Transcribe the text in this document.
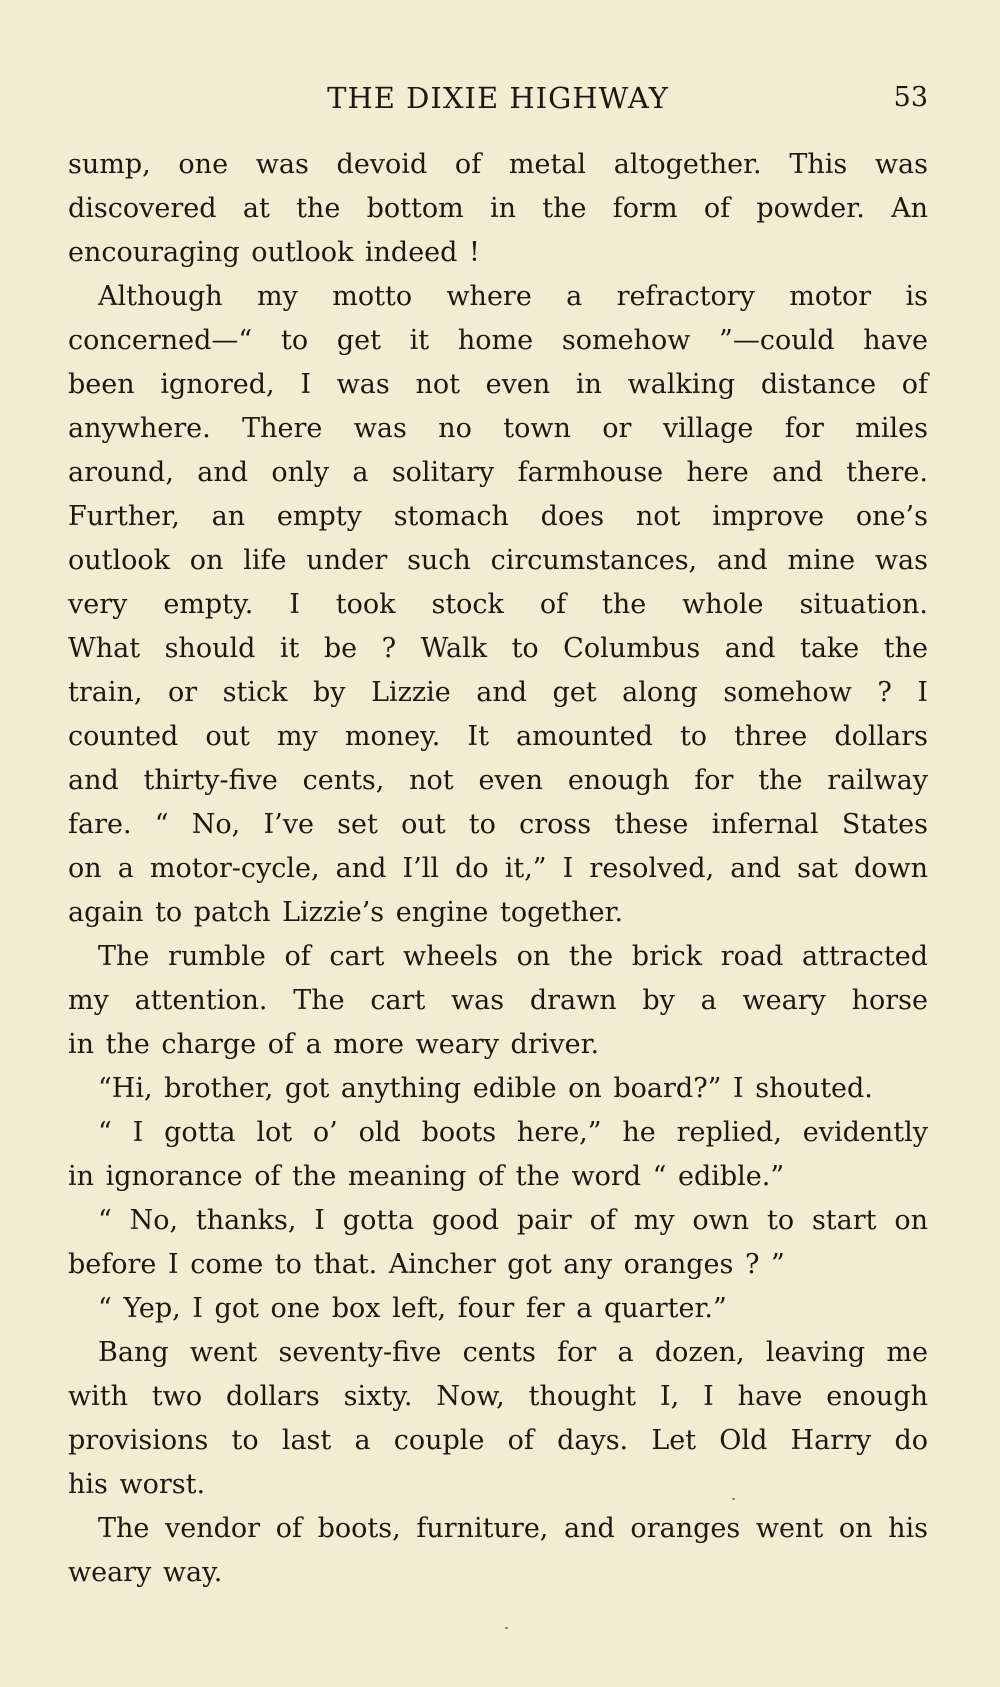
THE DIXIE HIGHWAY	53
sump, one was devoid of metal altogether. This was
discovered at the bottom in the form of powder. An
encouraging outlook indeed !
Although my motto where a refractory motor is
concerned—“ to get it home somehow ”—could have
been ignored, I was not even in walking distance of
anywhere. There was no town or village for miles
around, and only a solitary farmhouse here and there.
Further, an empty stomach does not improve one’s
outlook on life under such circumstances, and mine was
very empty. I took stock of the whole situation.
What should it be ? Walk to Columbus and take the
train, or stick by Lizzie and get along somehow ? I
counted out my money. It amounted to three dollars
and thirty-five cents, not even enough for the railway
fare. “ No, I’ve set out to cross these infernal States
on a motor-cycle, and I’ll do it,” I resolved, and sat down
again to patch Lizzie’s engine together.
The rumble of cart wheels on the brick road attracted
my attention. The cart was drawn by a weary horse
in the charge of a more weary driver.
“Hi, brother, got anything edible on board?” I shouted.
“ I gotta lot o’ old boots here,” he replied, evidently
in ignorance of the meaning of the word “ edible.”
“ No, thanks, I gotta good pair of my own to start on
before I come to that. Aincher got any oranges ? ”
“ Yep, I got one box left, four fer a quarter.”
Bang went seventy-five cents for a dozen, leaving me
with two dollars sixty. Now, thought I, I have enough
provisions to last a couple of days. Let Old Harry do
his worst.
The vendor of boots, furniture, and oranges went on his
weary way.
